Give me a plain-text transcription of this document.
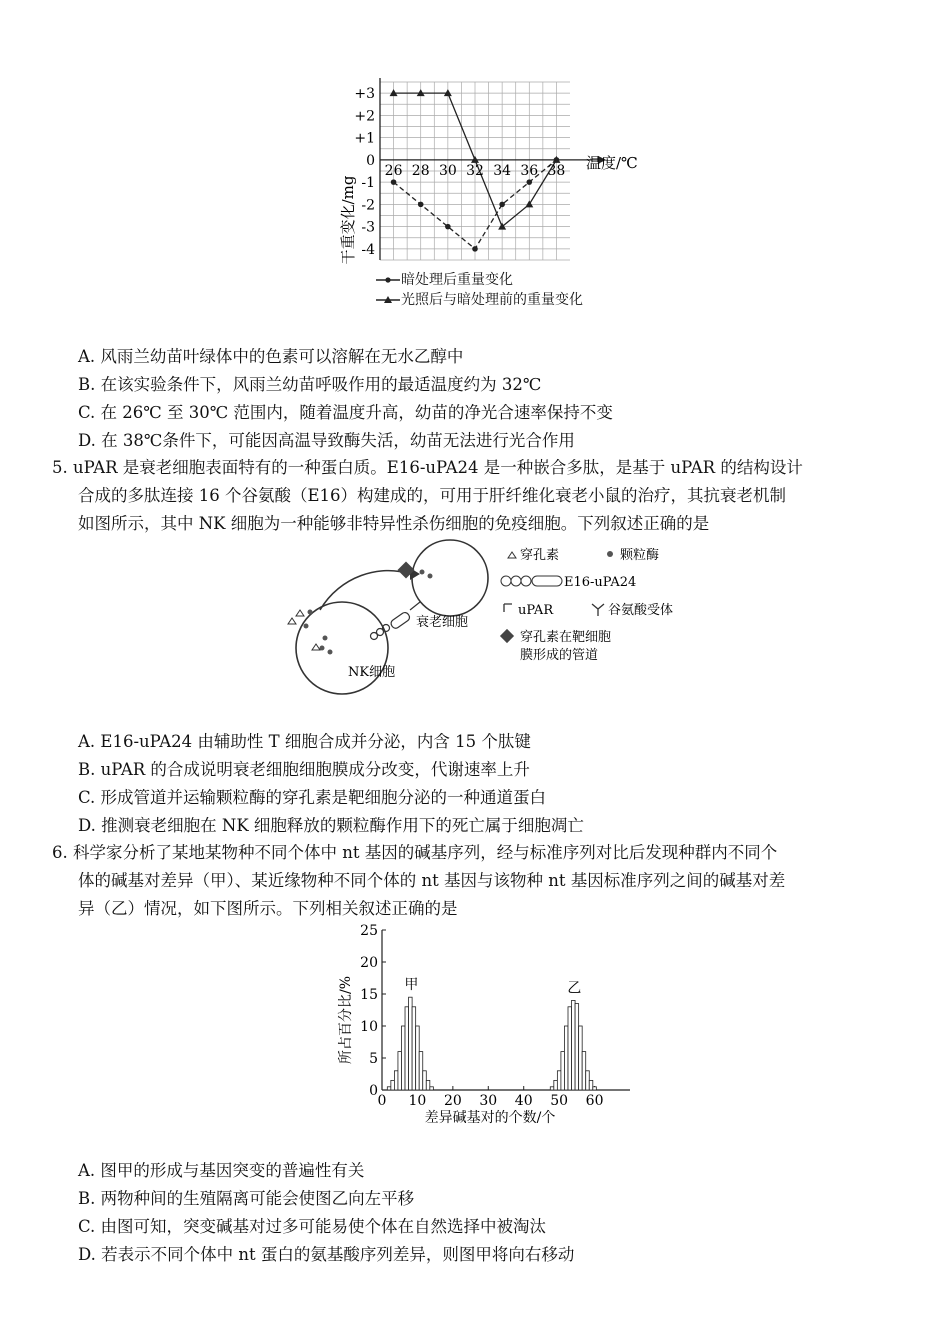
+3
+2
+1
0
-1
-2
-3
-4
26 28 30 32 34 36 38 温度/℃
干重变化/mg
暗处理后重量变化
光照后与暗处理前的重量变化
A. 风雨兰幼苗叶绿体中的色素可以溶解在无水乙醇中
B. 在该实验条件下，风雨兰幼苗呼吸作用的最适温度约为 32℃
C. 在 26℃ 至 30℃ 范围内，随着温度升高，幼苗的净光合速率保持不变
D. 在 38℃条件下，可能因高温导致酶失活，幼苗无法进行光合作用
5. uPAR 是衰老细胞表面特有的一种蛋白质。E16-uPA24 是一种嵌合多肽，是基于 uPAR 的结构设计
合成的多肽连接 16 个谷氨酸（E16）构建成的，可用于肝纤维化衰老小鼠的治疗，其抗衰老机制
如图所示，其中 NK 细胞为一种能够非特异性杀伤细胞的免疫细胞。下列叙述正确的是
NK细胞
衰老细胞
穿孔素	颗粒酶
E16-uPA24
uPAR	谷氨酸受体
穿孔素在靶细胞
膜形成的管道
A. E16-uPA24 由辅助性 T 细胞合成并分泌，内含 15 个肽键
B. uPAR 的合成说明衰老细胞细胞膜成分改变，代谢速率上升
C. 形成管道并运输颗粒酶的穿孔素是靶细胞分泌的一种通道蛋白
D. 推测衰老细胞在 NK 细胞释放的颗粒酶作用下的死亡属于细胞凋亡
6. 科学家分析了某地某物种不同个体中 nt 基因的碱基序列，经与标准序列对比后发现种群内不同个
体的碱基对差异（甲）、某近缘物种不同个体的 nt 基因与该物种 nt 基因标准序列之间的碱基对差
异（乙）情况，如下图所示。下列相关叙述正确的是
0
5
10
15
20
25
0 10 20 30 40 50 60
甲	乙
差异碱基对的个数/个
所占百分比/%
A. 图甲的形成与基因突变的普遍性有关
B. 两物种间的生殖隔离可能会使图乙向左平移
C. 由图可知，突变碱基对过多可能易使个体在自然选择中被淘汰
D. 若表示不同个体中 nt 蛋白的氨基酸序列差异，则图甲将向右移动
